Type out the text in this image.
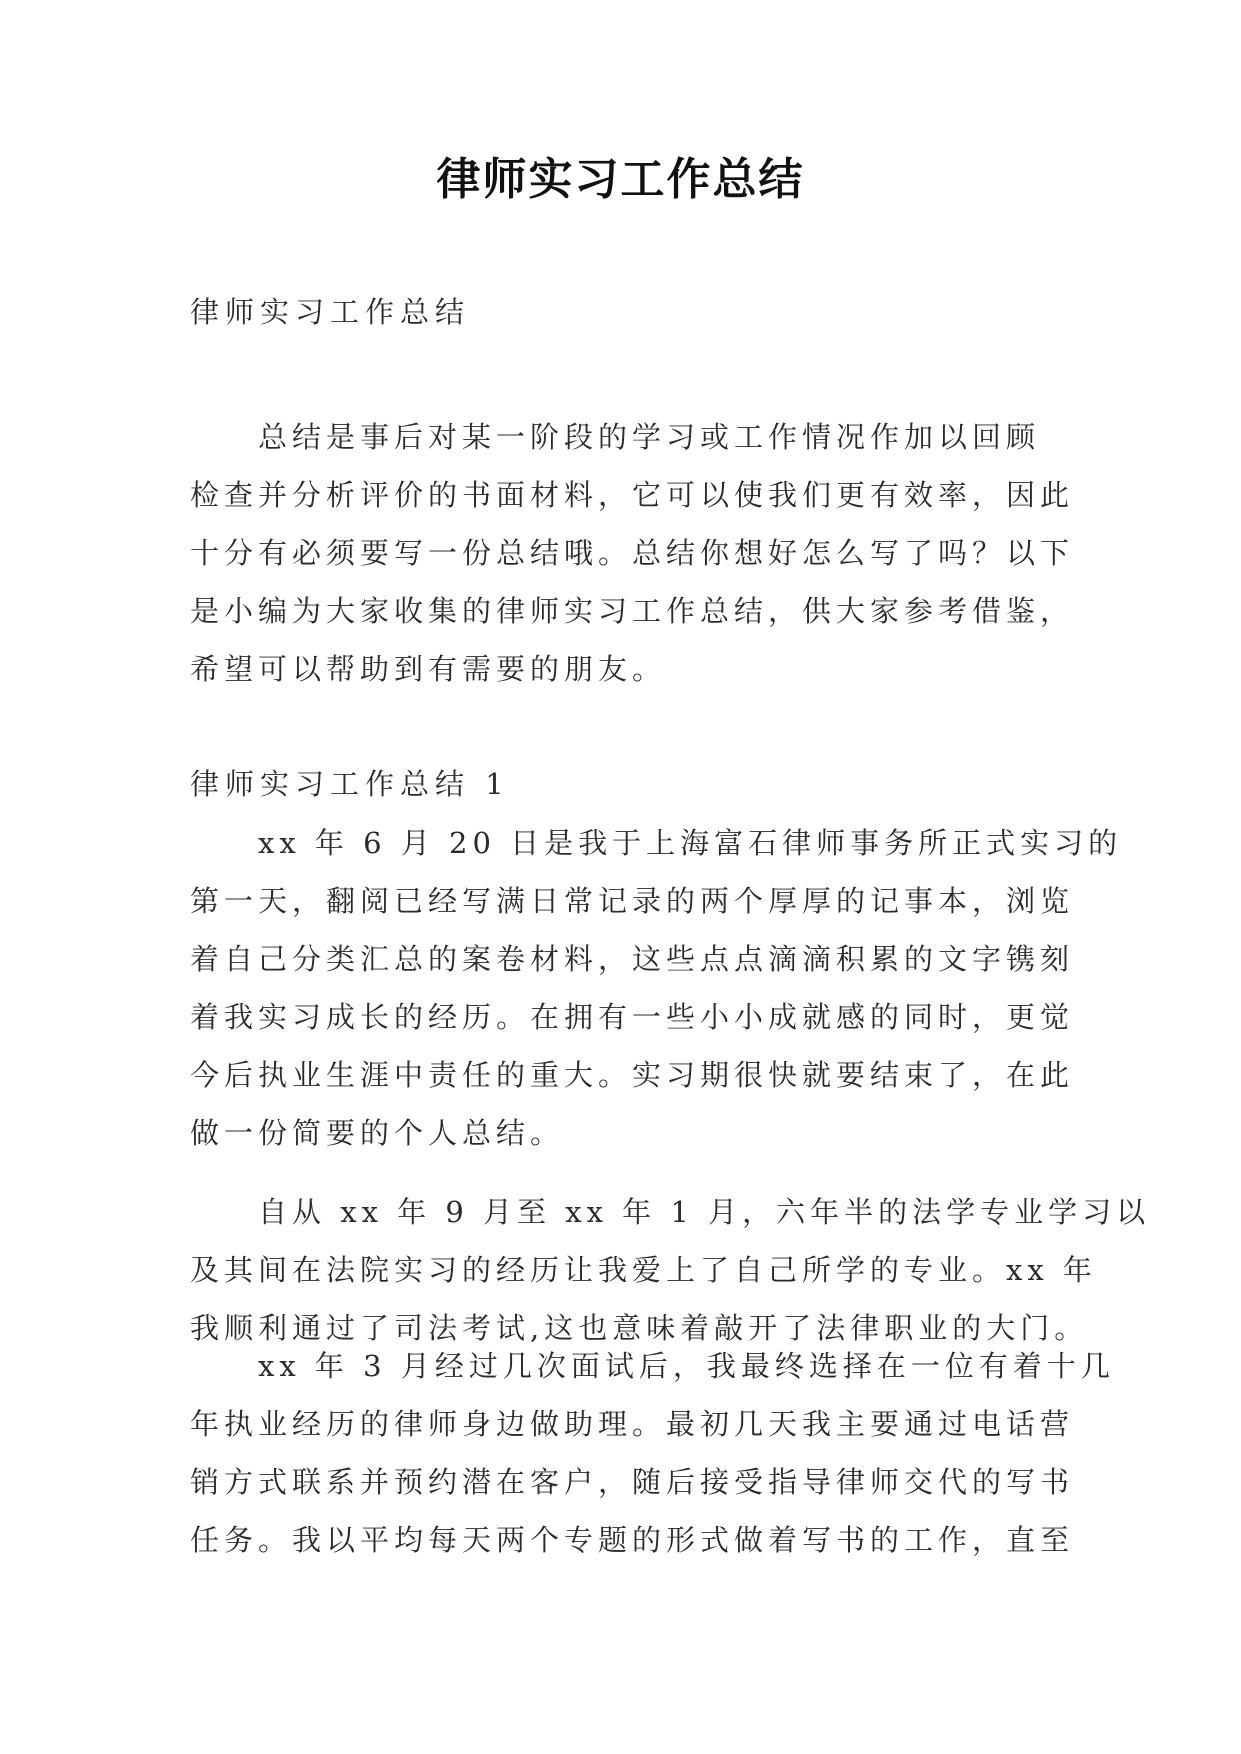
律师实习工作总结
律师实习工作总结
总结是事后对某一阶段的学习或工作情况作加以回顾
检查并分析评价的书面材料，它可以使我们更有效率，因此
十分有必须要写一份总结哦。总结你想好怎么写了吗？以下
是小编为大家收集的律师实习工作总结，供大家参考借鉴，
希望可以帮助到有需要的朋友。
律师实习工作总结 1
xx 年 6 月 20 日是我于上海富石律师事务所正式实习的
第一天，翻阅已经写满日常记录的两个厚厚的记事本，浏览
着自己分类汇总的案卷材料，这些点点滴滴积累的文字镌刻
着我实习成长的经历。在拥有一些小小成就感的同时，更觉
今后执业生涯中责任的重大。实习期很快就要结束了，在此
做一份简要的个人总结。
自从 xx 年 9 月至 xx 年 1 月，六年半的法学专业学习以
及其间在法院实习的经历让我爱上了自己所学的专业。xx 年
我顺利通过了司法考试,这也意味着敲开了法律职业的大门。
xx 年 3 月经过几次面试后，我最终选择在一位有着十几
年执业经历的律师身边做助理。最初几天我主要通过电话营
销方式联系并预约潜在客户，随后接受指导律师交代的写书
任务。我以平均每天两个专题的形式做着写书的工作，直至
